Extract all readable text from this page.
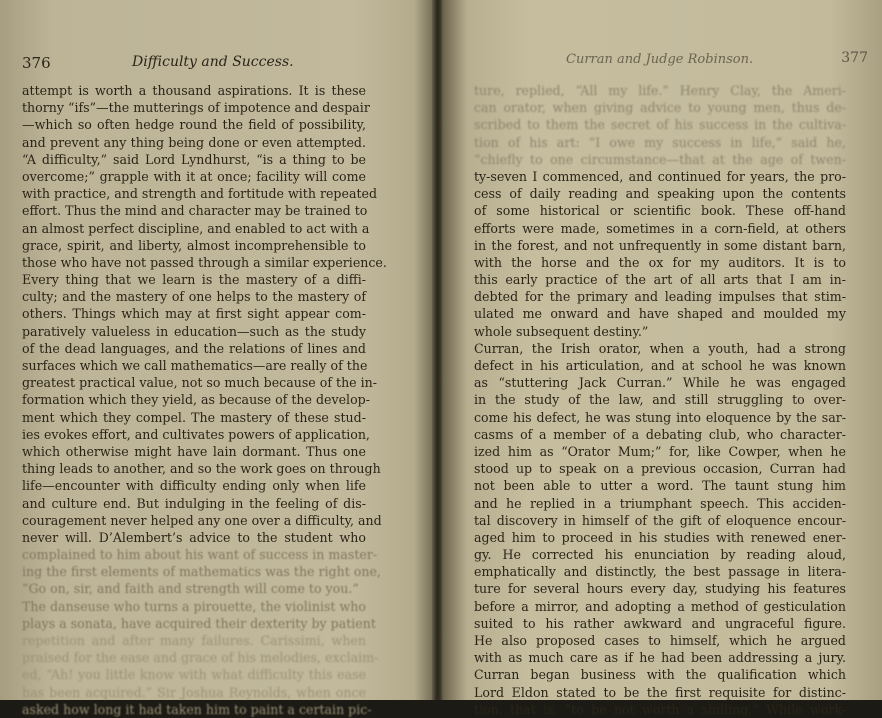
376	Difficulty and Success.
attempt is worth a thousand aspirations. It is these
thorny “ifs”—the mutterings of impotence and despair
—which so often hedge round the field of possibility,
and prevent any thing being done or even attempted.
“A difficulty,” said Lord Lyndhurst, “is a thing to be
overcome;” grapple with it at once; facility will come
with practice, and strength and fortitude with repeated
effort. Thus the mind and character may be trained to
an almost perfect discipline, and enabled to act with a
grace, spirit, and liberty, almost incomprehensible to
those who have not passed through a similar experience.
Every thing that we learn is the mastery of a diffi-
culty; and the mastery of one helps to the mastery of
others. Things which may at first sight appear com-
paratively valueless in education—such as the study
of the dead languages, and the relations of lines and
surfaces which we call mathematics—are really of the
greatest practical value, not so much because of the in-
formation which they yield, as because of the develop-
ment which they compel. The mastery of these stud-
ies evokes effort, and cultivates powers of application,
which otherwise might have lain dormant. Thus one
thing leads to another, and so the work goes on through
life—encounter with difficulty ending only when life
and culture end. But indulging in the feeling of dis-
couragement never helped any one over a difficulty, and
never will. D’Alembert’s advice to the student who
complained to him about his want of success in master-
ing the first elements of mathematics was the right one,
“Go on, sir, and faith and strength will come to you.”
The danseuse who turns a pirouette, the violinist who
plays a sonata, have acquired their dexterity by patient
repetition and after many failures. Carissimi, when
praised for the ease and grace of his melodies, exclaim-
ed, “Ah! you little know with what difficulty this ease
has been acquired.” Sir Joshua Reynolds, when once
asked how long it had taken him to paint a certain pic-
Curran and Judge Robinson.	377
ture, replied, “All my life.” Henry Clay, the Ameri-
can orator, when giving advice to young men, thus de-
scribed to them the secret of his success in the cultiva-
tion of his art: “I owe my success in life,” said he,
“chiefly to one circumstance—that at the age of twen-
ty-seven I commenced, and continued for years, the pro-
cess of daily reading and speaking upon the contents
of some historical or scientific book. These off-hand
efforts were made, sometimes in a corn-field, at others
in the forest, and not unfrequently in some distant barn,
with the horse and the ox for my auditors. It is to
this early practice of the art of all arts that I am in-
debted for the primary and leading impulses that stim-
ulated me onward and have shaped and moulded my
whole subsequent destiny.”
Curran, the Irish orator, when a youth, had a strong
defect in his articulation, and at school he was known
as “stuttering Jack Curran.” While he was engaged
in the study of the law, and still struggling to over-
come his defect, he was stung into eloquence by the sar-
casms of a member of a debating club, who character-
ized him as “Orator Mum;” for, like Cowper, when he
stood up to speak on a previous occasion, Curran had
not been able to utter a word. The taunt stung him
and he replied in a triumphant speech. This acciden-
tal discovery in himself of the gift of eloquence encour-
aged him to proceed in his studies with renewed ener-
gy. He corrected his enunciation by reading aloud,
emphatically and distinctly, the best passage in litera-
ture for several hours every day, studying his features
before a mirror, and adopting a method of gesticulation
suited to his rather awkward and ungraceful figure.
He also proposed cases to himself, which he argued
with as much care as if he had been addressing a jury.
Curran began business with the qualification which
Lord Eldon stated to be the first requisite for distinc-
tion, that is, “to be not worth a shilling.” While work-
